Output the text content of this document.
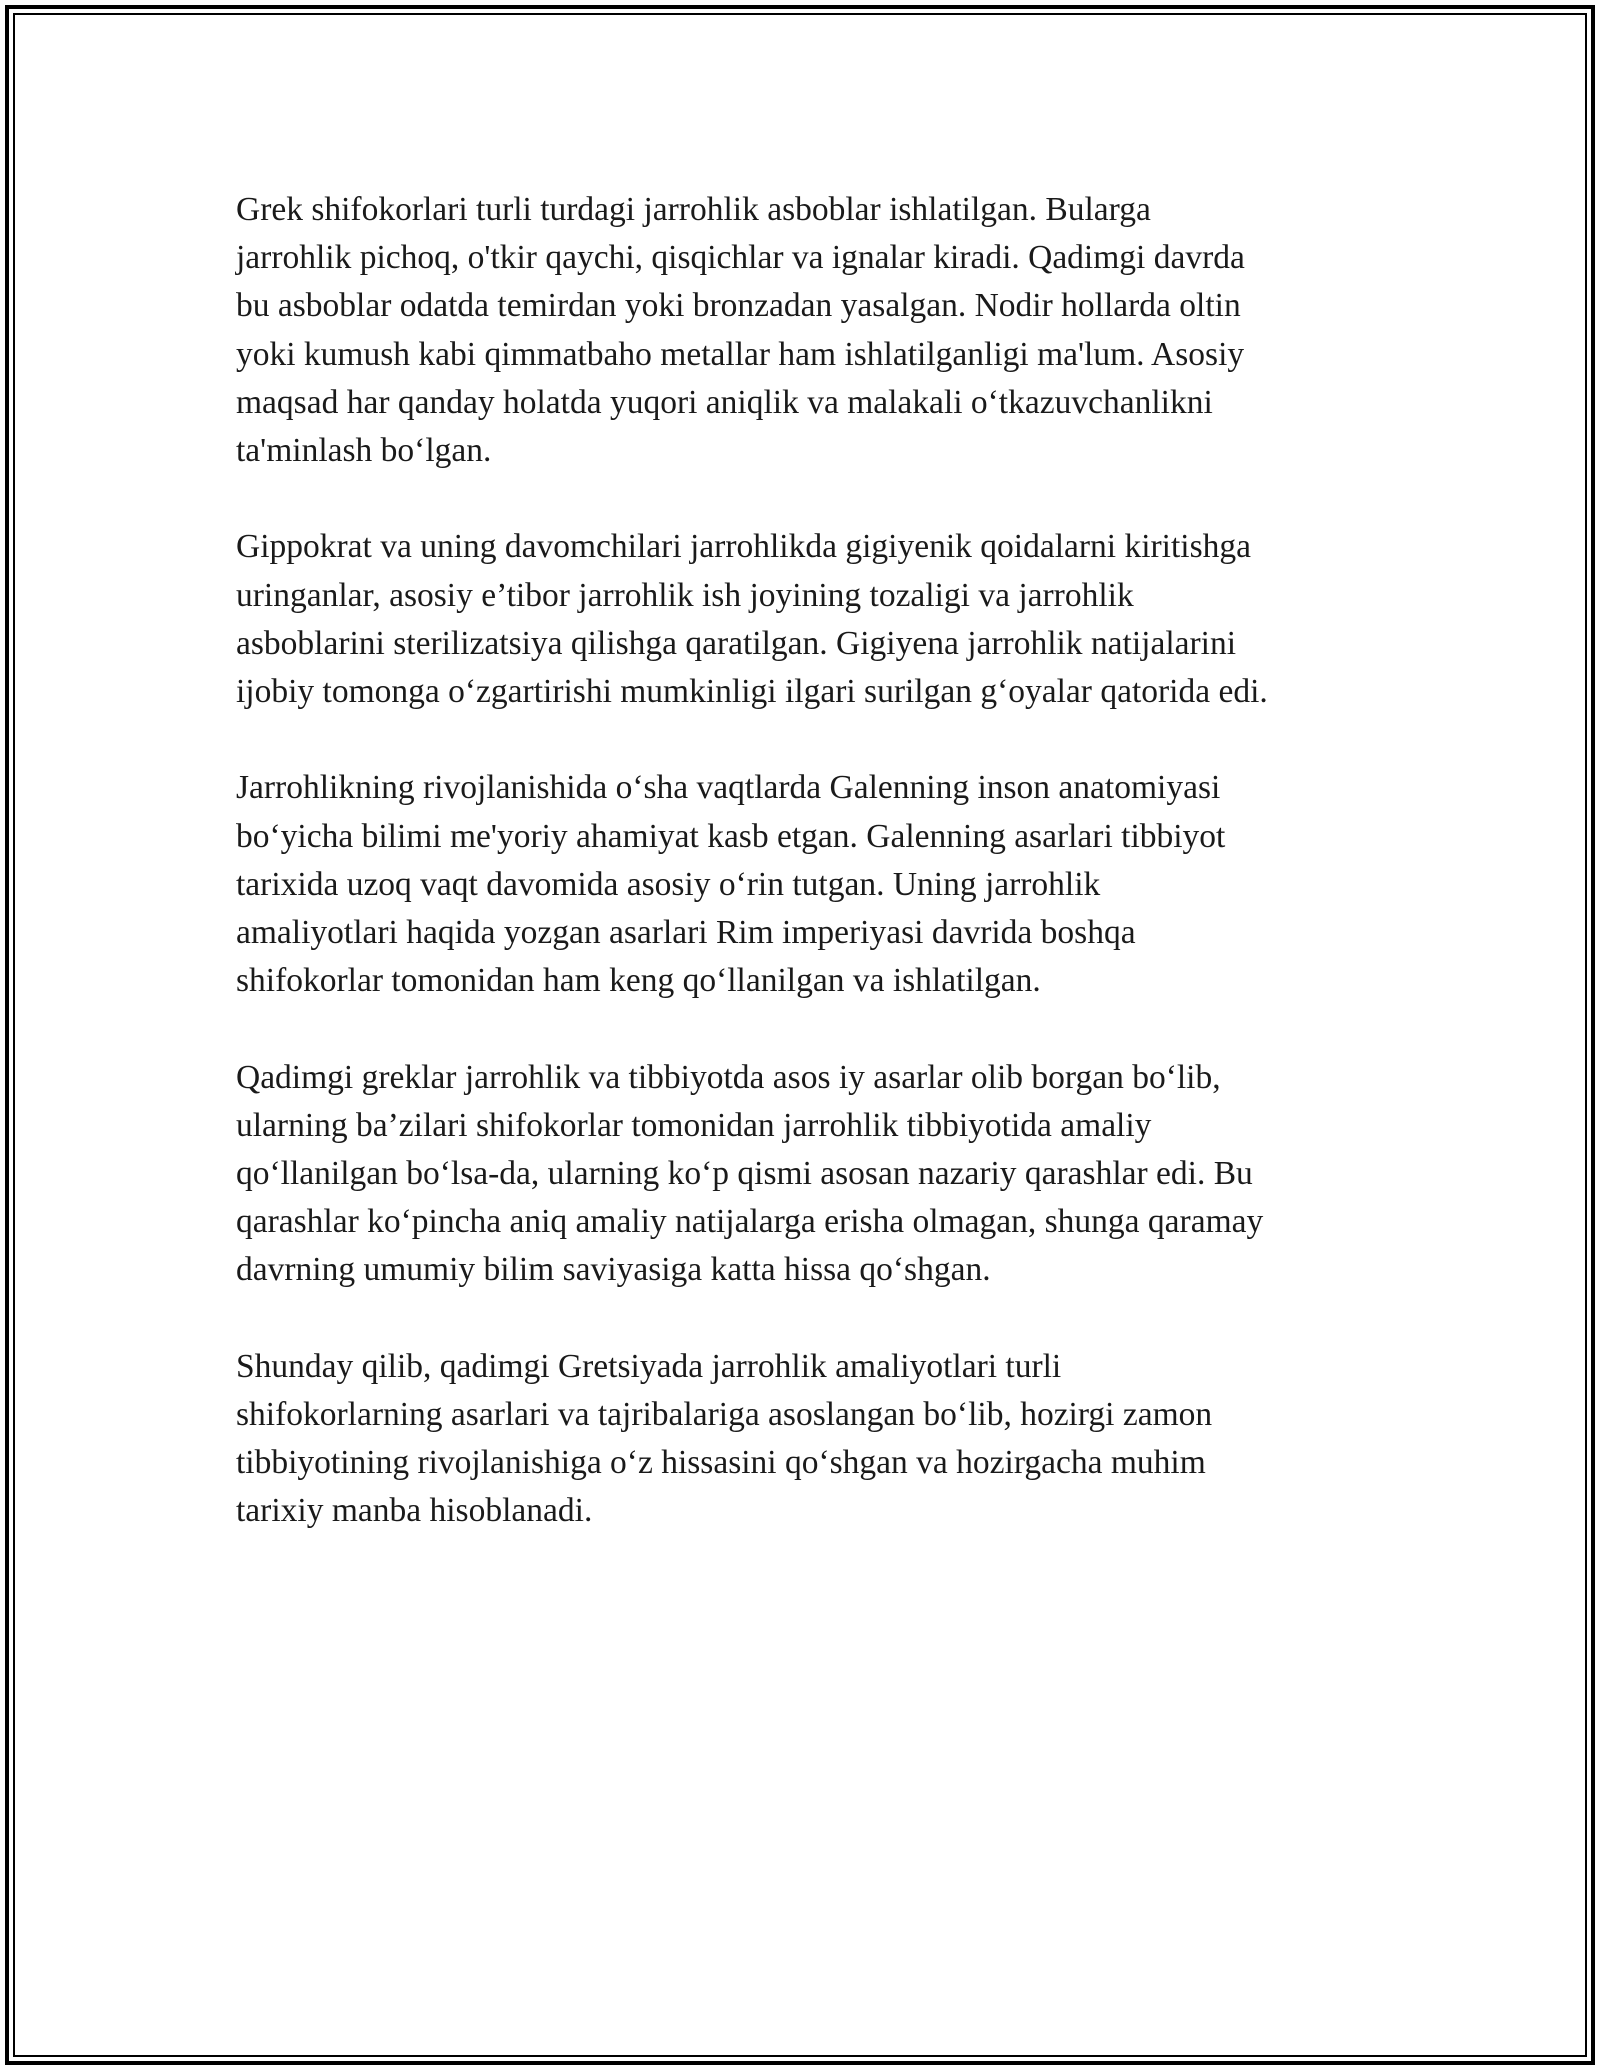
Grek shifokorlari turli turdagi jarrohlik asboblar ishlatilgan. Bularga
jarrohlik pichoq, o'tkir qaychi, qisqichlar va ignalar kiradi. Qadimgi davrda
bu asboblar odatda temirdan yoki bronzadan yasalgan. Nodir hollarda oltin
yoki kumush kabi qimmatbaho metallar ham ishlatilganligi ma'lum. Asosiy
maqsad har qanday holatda yuqori aniqlik va malakali o‘tkazuvchanlikni
ta'minlash bo‘lgan.

Gippokrat va uning davomchilari jarrohlikda gigiyenik qoidalarni kiritishga
uringanlar, asosiy e’tibor jarrohlik ish joyining tozaligi va jarrohlik
asboblarini sterilizatsiya qilishga qaratilgan. Gigiyena jarrohlik natijalarini
ijobiy tomonga o‘zgartirishi mumkinligi ilgari surilgan g‘oyalar qatorida edi.

Jarrohlikning rivojlanishida o‘sha vaqtlarda Galenning inson anatomiyasi
bo‘yicha bilimi me'yoriy ahamiyat kasb etgan. Galenning asarlari tibbiyot
tarixida uzoq vaqt davomida asosiy o‘rin tutgan. Uning jarrohlik
amaliyotlari haqida yozgan asarlari Rim imperiyasi davrida boshqa
shifokorlar tomonidan ham keng qo‘llanilgan va ishlatilgan.

Qadimgi greklar jarrohlik va tibbiyotda asos iy asarlar olib borgan bo‘lib,
ularning ba’zilari shifokorlar tomonidan jarrohlik tibbiyotida amaliy
qo‘llanilgan bo‘lsa-da, ularning ko‘p qismi asosan nazariy qarashlar edi. Bu
qarashlar ko‘pincha aniq amaliy natijalarga erisha olmagan, shunga qaramay
davrning umumiy bilim saviyasiga katta hissa qo‘shgan.

Shunday qilib, qadimgi Gretsiyada jarrohlik amaliyotlari turli
shifokorlarning asarlari va tajribalariga asoslangan bo‘lib, hozirgi zamon
tibbiyotining rivojlanishiga o‘z hissasini qo‘shgan va hozirgacha muhim
tarixiy manba hisoblanadi.
